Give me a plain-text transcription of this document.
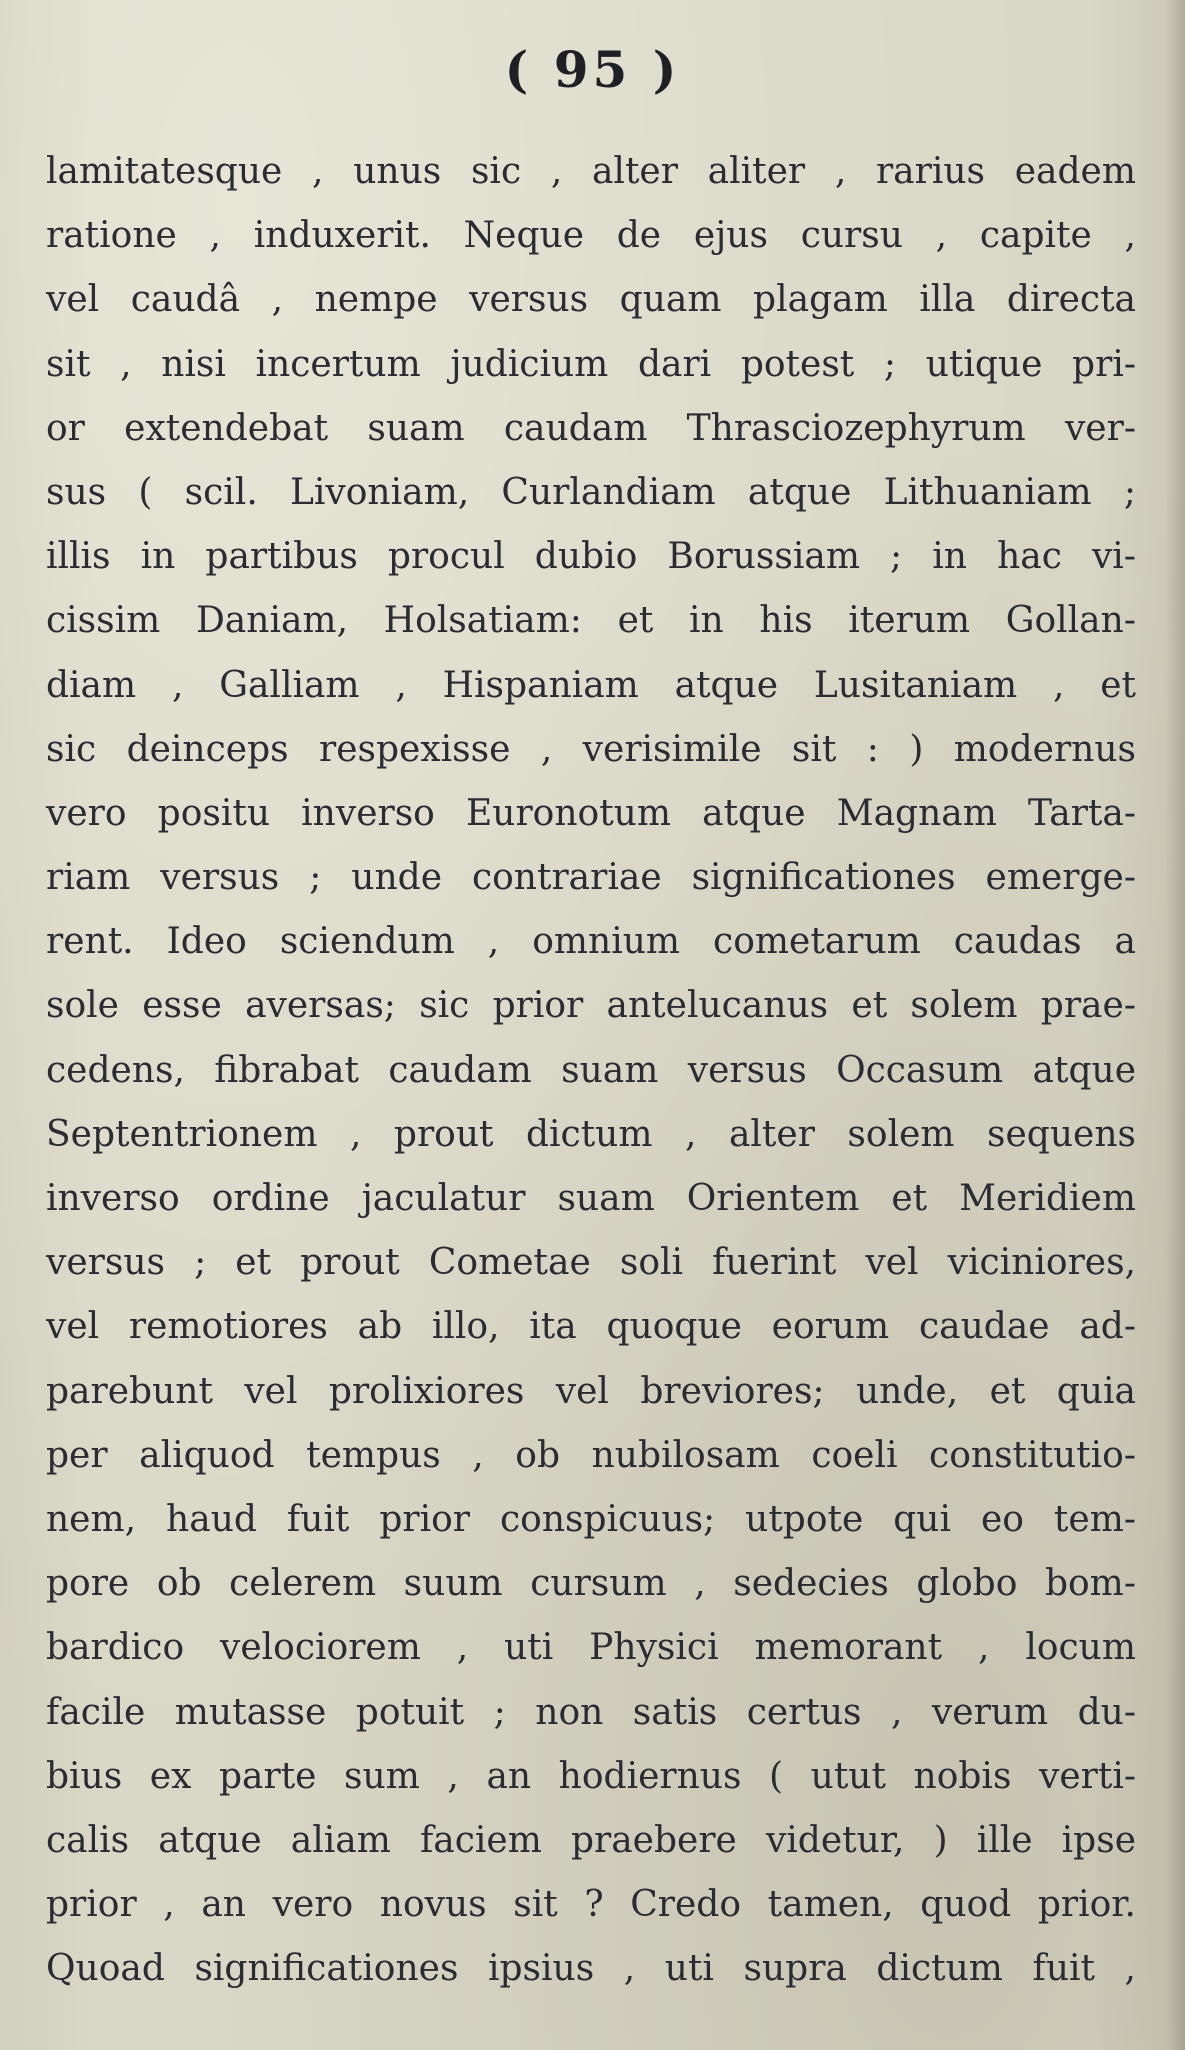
( 95 )
lamitatesque , unus sic , alter aliter , rarius eadem
ratione , induxerit. Neque de ejus cursu , capite ,
vel caudâ , nempe versus quam plagam illa directa
sit , nisi incertum judicium dari potest ; utique pri-
or extendebat suam caudam Thrasciozephyrum ver-
sus ( scil. Livoniam, Curlandiam atque Lithuaniam ;
illis in partibus procul dubio Borussiam ; in hac vi-
cissim Daniam, Holsatiam: et in his iterum Gollan-
diam , Galliam , Hispaniam atque Lusitaniam , et
sic deinceps respexisse , verisimile sit : ) modernus
vero positu inverso Euronotum atque Magnam Tarta-
riam versus ; unde contrariae significationes emerge-
rent. Ideo sciendum , omnium cometarum caudas a
sole esse aversas; sic prior antelucanus et solem prae-
cedens, fibrabat caudam suam versus Occasum atque
Septentrionem , prout dictum , alter solem sequens
inverso ordine jaculatur suam Orientem et Meridiem
versus ; et prout Cometae soli fuerint vel viciniores,
vel remotiores ab illo, ita quoque eorum caudae ad-
parebunt vel prolixiores vel breviores; unde, et quia
per aliquod tempus , ob nubilosam coeli constitutio-
nem, haud fuit prior conspicuus; utpote qui eo tem-
pore ob celerem suum cursum , sedecies globo bom-
bardico velociorem , uti Physici memorant , locum
facile mutasse potuit ; non satis certus , verum du-
bius ex parte sum , an hodiernus ( utut nobis verti-
calis atque aliam faciem praebere videtur, ) ille ipse
prior , an vero novus sit ? Credo tamen, quod prior.
Quoad significationes ipsius , uti supra dictum fuit ,
